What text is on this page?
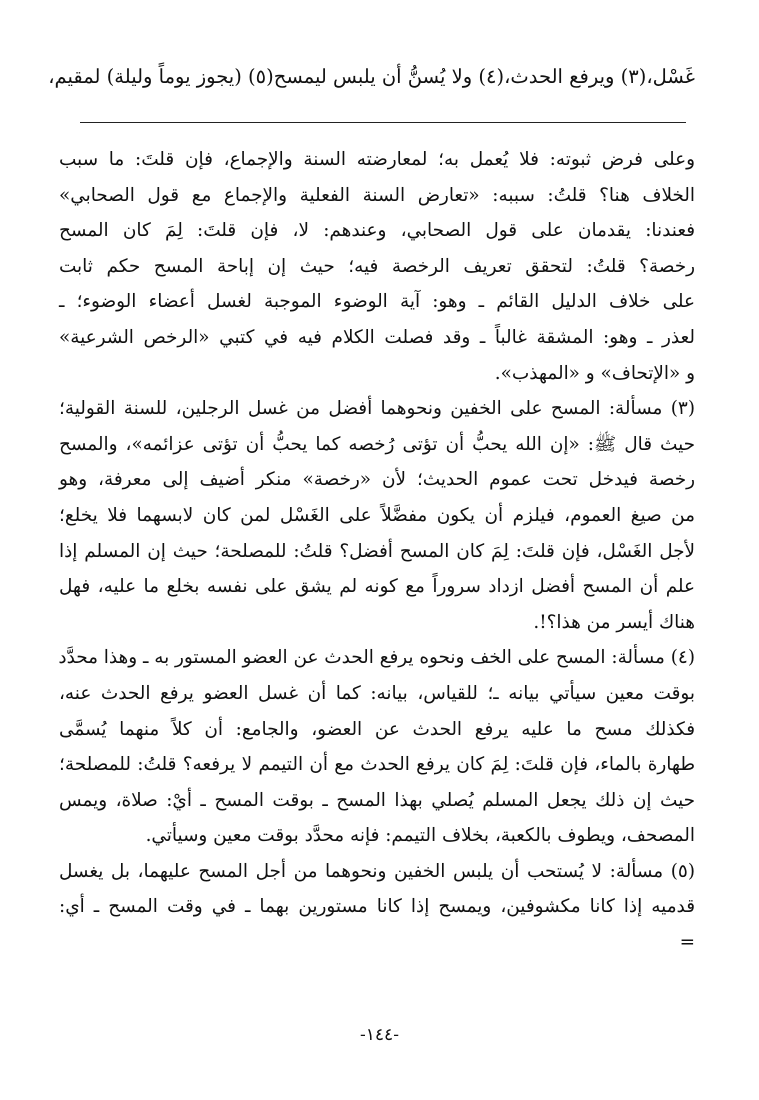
غَسْل،(٣) ويرفع الحدث،(٤) ولا يُسنُّ أن يلبس ليمسح(٥) (يجوز يوماً وليلة) لمقيم،
وعلى فرض ثبوته: فلا يُعمل به؛ لمعارضته السنة والإجماع، فإن قلتَ: ما سبب
الخلاف هنا؟ قلتُ: سببه: «تعارض السنة الفعلية والإجماع مع قول الصحابي»
فعندنا: يقدمان على قول الصحابي، وعندهم: لا، فإن قلتَ: لِمَ كان المسح
رخصة؟ قلتُ: لتحقق تعريف الرخصة فيه؛ حيث إن إباحة المسح حكم ثابت
على خلاف الدليل القائم ـ وهو: آية الوضوء الموجبة لغسل أعضاء الوضوء؛ ـ
لعذر ـ وهو: المشقة غالباً ـ وقد فصلت الكلام فيه في كتبي «الرخص الشرعية»
و «الإتحاف» و «المهذب».
(٣) مسألة: المسح على الخفين ونحوهما أفضل من غسل الرجلين، للسنة القولية؛
حيث قال ﷺ: «إن الله يحبُّ أن تؤتى رُخصه كما يحبُّ أن تؤتى عزائمه»، والمسح
رخصة فيدخل تحت عموم الحديث؛ لأن «رخصة» منكر أضيف إلى معرفة، وهو
من صيغ العموم، فيلزم أن يكون مفضَّلاً على الغَسْل لمن كان لابسهما فلا يخلع؛
لأجل الغَسْل، فإن قلتَ: لِمَ كان المسح أفضل؟ قلتُ: للمصلحة؛ حيث إن المسلم إذا
علم أن المسح أفضل ازداد سروراً مع كونه لم يشق على نفسه بخلع ما عليه، فهل
هناك أيسر من هذا؟!.
(٤) مسألة: المسح على الخف ونحوه يرفع الحدث عن العضو المستور به ـ وهذا محدَّد
بوقت معين سيأتي بيانه ـ؛ للقياس، بيانه: كما أن غسل العضو يرفع الحدث عنه،
فكذلك مسح ما عليه يرفع الحدث عن العضو، والجامع: أن كلاً منهما يُسمَّى
طهارة بالماء، فإن قلتَ: لِمَ كان يرفع الحدث مع أن التيمم لا يرفعه؟ قلتُ: للمصلحة؛
حيث إن ذلك يجعل المسلم يُصلي بهذا المسح ـ بوقت المسح ـ أيْ: صلاة، ويمس
المصحف، ويطوف بالكعبة، بخلاف التيمم: فإنه محدَّد بوقت معين وسيأتي.
(٥) مسألة: لا يُستحب أن يلبس الخفين ونحوهما من أجل المسح عليهما، بل يغسل
قدميه إذا كانا مكشوفين، ويمسح إذا كانا مستورين بهما ـ في وقت المسح ـ أي:
=
-١٤٤-
